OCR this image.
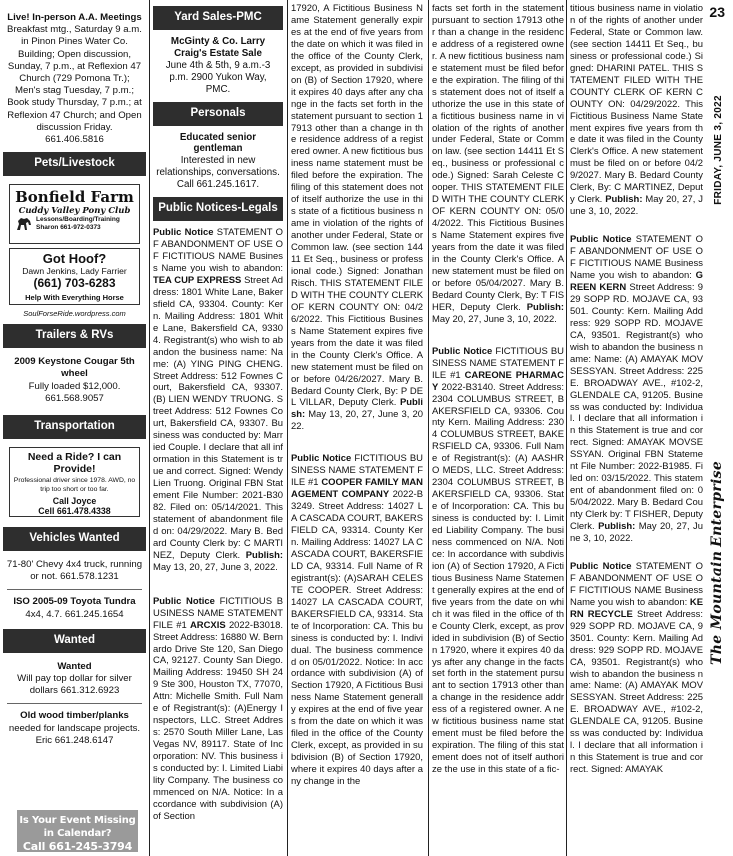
Live! In-person A.A. Meetings
Breakfast mtg., Saturday 9 a.m. in Pinon Pines Water Co. Building; Open discussion, Sunday, 7 p.m., at Reflexion 47 Church (729 Pomona Tr.); Men's stag Tuesday, 7 p.m.; Book study Thursday, 7 p.m.; at Reflexion 47 Church; and Open discussion Friday. 661.406.5816
Pets/Livestock
Bonfield Farm
Cuddy Valley Pony Club
Lessons/Boarding/Training
Sharon 661-972-0373
Got Hoof?
Dawn Jenkins, Lady Farrier
(661) 703-6283
Help With Everything Horse
SoulForseRide.wordpress.com
Trailers & RVs
2009 Keystone Cougar 5th wheel
Fully loaded $12,000. 661.568.9057
Transportation
Need a Ride? I can Provide!
Professional driver since 1978. AWD, no trip too short or too far.
Call Joyce
Cell 661.478.4338
Vehicles Wanted
71-80' Chevy 4x4 truck, running or not. 661.578.1231
ISO 2005-09 Toyota Tundra
4x4, 4.7. 661.245.1654
Wanted
Wanted
Will pay top dollar for silver dollars 661.312.6923
Old wood timber/planks
needed for landscape projects. Eric 661.248.6147
Is Your Event Missing in Calendar?
Call 661-245-3794
Yard Sales-PMC
McGinty & Co. Larry Craig's Estate Sale
June 4th & 5th, 9 a.m.-3 p.m. 2900 Yukon Way, PMC.
Personals
Educated senior gentleman
Interested in new relationships, conversations. Call 661.245.1617.
Public Notices-Legals
Public Notice STATEMENT OF ABANDONMENT OF USE OF FICTITIOUS NAME Business Name you wish to abandon: TEA CUP EXPRESS Street Address: 1801 White Lane, Bakersfield CA, 93304. County: Kern. Mailing Address: 1801 White Lane, Bakersfield CA, 93304. Registrant(s) who wish to abandon the business name: Name: (A) YING PING CHENG. Street Address: 512 Fownes Court, Bakersfield CA, 93307. (B) LIEN WENDY TRUONG. Street Address: 512 Fownes Court, Bakersfield CA, 93307. Business was conducted by: Married Couple. I declare that all information in this Statement is true and correct. Signed: Wendy Lien Truong. Original FBN Statement File Number: 2021-B3082. Filed on: 05/14/2021. This statement of abandonment filed on: 04/29/2022. Mary B. Bedard County Clerk by: C MARTINEZ, Deputy Clerk. Publish: May 13, 20, 27, June 3, 2022.
Public Notice FICTITIOUS BUSINESS NAME STATEMENT FILE #1 ARCXIS 2022-B3018. Street Address: 16880 W. Bernardo Drive Ste 120, San Diego CA, 92127. County San Diego. Mailing Address: 19450 SH 249 Ste 300, Houston TX, 77070, Attn: Michelle Smith. Full Name of Registrant(s): (A)Energy Inspectors, LLC. Street Address: 2570 South Miller Lane, Las Vegas NV, 89117. State of Incorporation: NV. This business is conducted by: I. Limited Liability Company. The business commenced on N/A. Notice: In accordance with subdivision (A) of Section
17920, A Fictitious Business Name Statement generally expires at the end of five years from the date on which it was filed in the office of the County Clerk, except, as provided in subdivision (B) of Section 17920, where it expires 40 days after any change in the facts set forth in the statement pursuant to section 17913 other than a change in the residence address of a registered owner. A new fictitious business name statement must be filed before the expiration. The filing of this statement does not of itself authorize the use in this state of a fictitious business name in violation of the rights of another under Federal, State or Common law. (see section 14411 Et Seq., business or professional code.) Signed: Jonathan Risch. THIS STATEMENT FILED WITH THE COUNTY CLERK OF KERN COUNTY ON: 04/26/2022. This Fictitious Business Name Statement expires five years from the date it was filed in the County Clerk's Office. A new statement must be filed on or before 04/26/2027. Mary B. Bedard County Clerk, By: P DEL VILLAR, Deputy Clerk. Publish: May 13, 20, 27, June 3, 2022.
Public Notice FICTITIOUS BUSINESS NAME STATEMENT FILE #1 COOPER FAMILY MANAGEMENT COMPANY 2022-B3249. Street Address: 14027 LA CASCADA COURT, BAKERSFIELD CA, 93314. County Kern. Mailing Address: 14027 LA CASCADA COURT, BAKERSFIELD CA, 93314. Full Name of Registrant(s): (A)SARAH CELESTE COOPER. Street Address: 14027 LA CASCADA COURT, BAKERSFIELD CA, 93314. State of Incorporation: CA. This business is conducted by: I. Individual. The business commenced on 05/01/2022. Notice: In accordance with subdivision (A) of Section 17920, A Fictitious Business Name Statement generally expires at the end of five years from the date on which it was filed in the office of the County Clerk, except, as provided in subdivision (B) of Section 17920, where it expires 40 days after any change in the
facts set forth in the statement pursuant to section 17913 other than a change in the residence address of a registered owner. A new fictitious business name statement must be filed before the expiration. The filing of this statement does not of itself authorize the use in this state of a fictitious business name in violation of the rights of another under Federal, State or Common law. (see section 14411 Et Seq., business or professional code.) Signed: Sarah Celeste Cooper. THIS STATEMENT FILED WITH THE COUNTY CLERK OF KERN COUNTY ON: 05/04/2022. This Fictitious Business Name Statement expires five years from the date it was filed in the County Clerk's Office. A new statement must be filed on or before 05/04/2027. Mary B. Bedard County Clerk, By: T FISHER, Deputy Clerk. Publish: May 20, 27, June 3, 10, 2022.
Public Notice FICTITIOUS BUSINESS NAME STATEMENT FILE #1 CAREONE PHARMACY 2022-B3140. Street Address: 2304 COLUMBUS STREET, BAKERSFIELD CA, 93306. County Kern. Mailing Address: 2304 COLUMBUS STREET, BAKERSFIELD CA, 93306. Full Name of Registrant(s): (A) AASHRO MEDS, LLC. Street Address: 2304 COLUMBUS STREET, BAKERSFIELD CA, 93306. State of Incorporation: CA. This business is conducted by: I. Limited Liability Company. The business commenced on N/A. Notice: In accordance with subdivision (A) of Section 17920, A Fictitious Business Name Statement generally expires at the end of five years from the date on which it was filed in the office of the County Clerk, except, as provided in subdivision (B) of Section 17920, where it expires 40 days after any change in the facts set forth in the statement pursuant to section 17913 other than a change in the residence address of a registered owner. A new fictitious business name statement must be filed before the expiration. The filing of this statement does not of itself authorize the use in this state of a fic-
titious business name in violation of the rights of another under Federal, State or Common law. (see section 14411 Et Seq., business or professional code.) Signed: DHARINI PATEL. THIS STATEMENT FILED WITH THE COUNTY CLERK OF KERN COUNTY ON: 04/29/2022. This Fictitious Business Name Statement expires five years from the date it was filed in the County Clerk's Office. A new statement must be filed on or before 04/29/2027. Mary B. Bedard County Clerk, By: C MARTINEZ, Deputy Clerk. Publish: May 20, 27, June 3, 10, 2022.
Public Notice STATEMENT OF ABANDONMENT OF USE OF FICTITIOUS NAME Business Name you wish to abandon: GREEN KERN Street Address: 929 SOPP RD. MOJAVE CA, 93501. County: Kern. Mailing Address: 929 SOPP RD. MOJAVE CA, 93501. Registrant(s) who wish to abandon the business name: Name: (A) AMAYAK MOVSESSYAN. Street Address: 225 E. BROADWAY AVE., #102-2, GLENDALE CA, 91205. Business was conducted by: Individual. I declare that all information in this Statement is true and correct. Signed: AMAYAK MOVSESSYAN. Original FBN Statement File Number: 2022-B1985. Filed on: 03/15/2022. This statement of abandonment filed on: 05/04/2022. Mary B. Bedard County Clerk by: T FISHER, Deputy Clerk. Publish: May 20, 27, June 3, 10, 2022.
Public Notice STATEMENT OF ABANDONMENT OF USE OF FICTITIOUS NAME Business Name you wish to abandon: KERN RECYCLE Street Address: 929 SOPP RD. MOJAVE CA, 93501. County: Kern. Mailing Address: 929 SOPP RD. MOJAVE CA, 93501. Registrant(s) who wish to abandon the business name: Name: (A) AMAYAK MOVSESSYAN. Street Address: 225 E. BROADWAY AVE., #102-2, GLENDALE CA, 91205. Business was conducted by: Individual. I declare that all information in this Statement is true and correct. Signed: AMAYAK
23
The Mountain Enterprise  FRIDAY, JUNE 3, 2022
